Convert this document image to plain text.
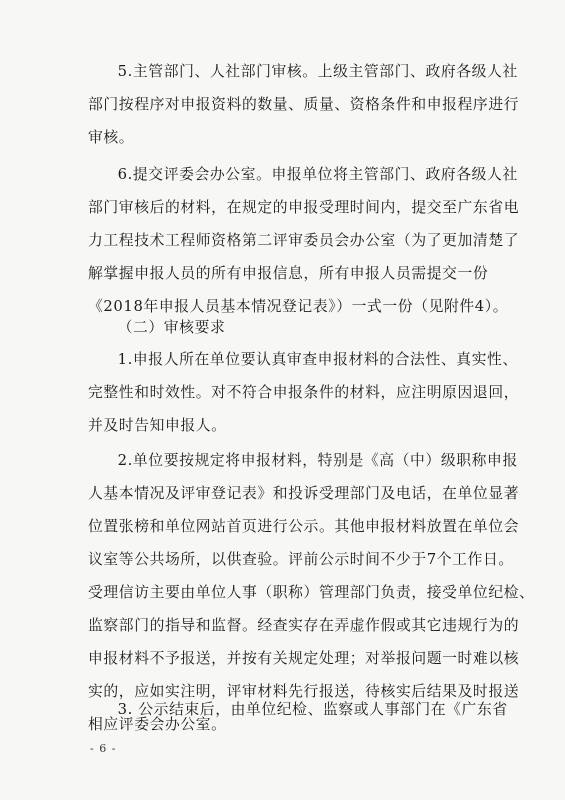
5.主管部门、人社部门审核。上级主管部门、政府各级人社
部门按程序对申报资料的数量、质量、资格条件和申报程序进行
审核。

6.提交评委会办公室。申报单位将主管部门、政府各级人社
部门审核后的材料，在规定的申报受理时间内，提交至广东省电
力工程技术工程师资格第二评审委员会办公室（为了更加清楚了
解掌握申报人员的所有申报信息，所有申报人员需提交一份
《2018年申报人员基本情况登记表》）一式一份（见附件4）。

（二）审核要求

1.申报人所在单位要认真审查申报材料的合法性、真实性、
完整性和时效性。对不符合申报条件的材料，应注明原因退回，
并及时告知申报人。

2.单位要按规定将申报材料，特别是《高（中）级职称申报
人基本情况及评审登记表》和投诉受理部门及电话，在单位显著
位置张榜和单位网站首页进行公示。其他申报材料放置在单位会
议室等公共场所，以供查验。评前公示时间不少于7个工作日。
受理信访主要由单位人事（职称）管理部门负责，接受单位纪检、
监察部门的指导和监督。经查实存在弄虚作假或其它违规行为的
申报材料不予报送，并按有关规定处理；对举报问题一时难以核
实的，应如实注明，评审材料先行报送，待核实后结果及时报送
相应评委会办公室。

3. 公示结束后，由单位纪检、监察或人事部门在《广东省

- 6 -
